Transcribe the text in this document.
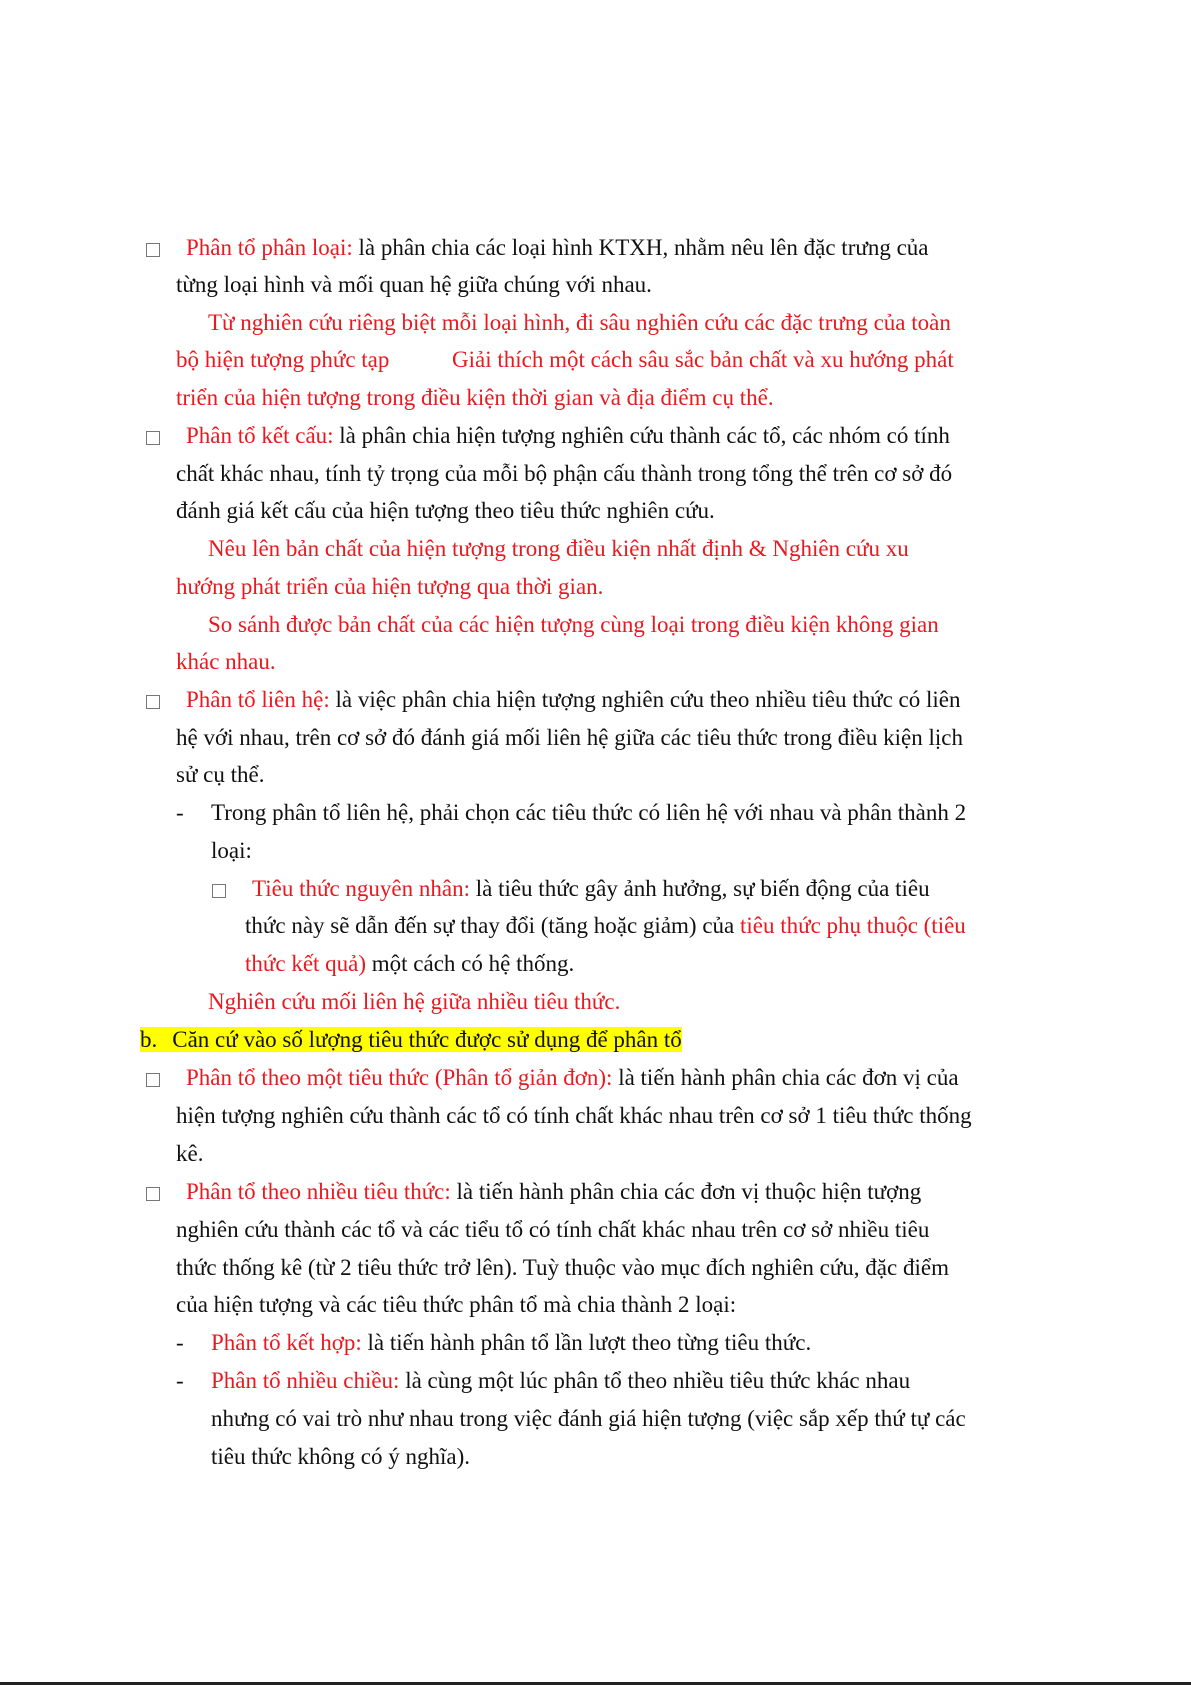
Phân tổ phân loại: là phân chia các loại hình KTXH, nhằm nêu lên đặc trưng của
từng loại hình và mối quan hệ giữa chúng với nhau.
Từ nghiên cứu riêng biệt mỗi loại hình, đi sâu nghiên cứu các đặc trưng của toàn
bộ hiện tượng phức tạp	Giải thích một cách sâu sắc bản chất và xu hướng phát
triển của hiện tượng trong điều kiện thời gian và địa điểm cụ thể.
Phân tổ kết cấu: là phân chia hiện tượng nghiên cứu thành các tổ, các nhóm có tính
chất khác nhau, tính tỷ trọng của mỗi bộ phận cấu thành trong tổng thể trên cơ sở đó
đánh giá kết cấu của hiện tượng theo tiêu thức nghiên cứu.
Nêu lên bản chất của hiện tượng trong điều kiện nhất định & Nghiên cứu xu
hướng phát triển của hiện tượng qua thời gian.
So sánh được bản chất của các hiện tượng cùng loại trong điều kiện không gian
khác nhau.
Phân tổ liên hệ: là việc phân chia hiện tượng nghiên cứu theo nhiều tiêu thức có liên
hệ với nhau, trên cơ sở đó đánh giá mối liên hệ giữa các tiêu thức trong điều kiện lịch
sử cụ thể.
- Trong phân tổ liên hệ, phải chọn các tiêu thức có liên hệ với nhau và phân thành 2
loại:
Tiêu thức nguyên nhân: là tiêu thức gây ảnh hưởng, sự biến động của tiêu
thức này sẽ dẫn đến sự thay đổi (tăng hoặc giảm) của tiêu thức phụ thuộc (tiêu
thức kết quả) một cách có hệ thống.
Nghiên cứu mối liên hệ giữa nhiều tiêu thức.
b. Căn cứ vào số lượng tiêu thức được sử dụng để phân tổ
Phân tổ theo một tiêu thức (Phân tổ giản đơn): là tiến hành phân chia các đơn vị của
hiện tượng nghiên cứu thành các tổ có tính chất khác nhau trên cơ sở 1 tiêu thức thống
kê.
Phân tổ theo nhiều tiêu thức: là tiến hành phân chia các đơn vị thuộc hiện tượng
nghiên cứu thành các tổ và các tiểu tổ có tính chất khác nhau trên cơ sở nhiều tiêu
thức thống kê (từ 2 tiêu thức trở lên). Tuỳ thuộc vào mục đích nghiên cứu, đặc điểm
của hiện tượng và các tiêu thức phân tổ mà chia thành 2 loại:
- Phân tổ kết hợp: là tiến hành phân tổ lần lượt theo từng tiêu thức.
- Phân tổ nhiều chiều: là cùng một lúc phân tổ theo nhiều tiêu thức khác nhau
nhưng có vai trò như nhau trong việc đánh giá hiện tượng (việc sắp xếp thứ tự các
tiêu thức không có ý nghĩa).
